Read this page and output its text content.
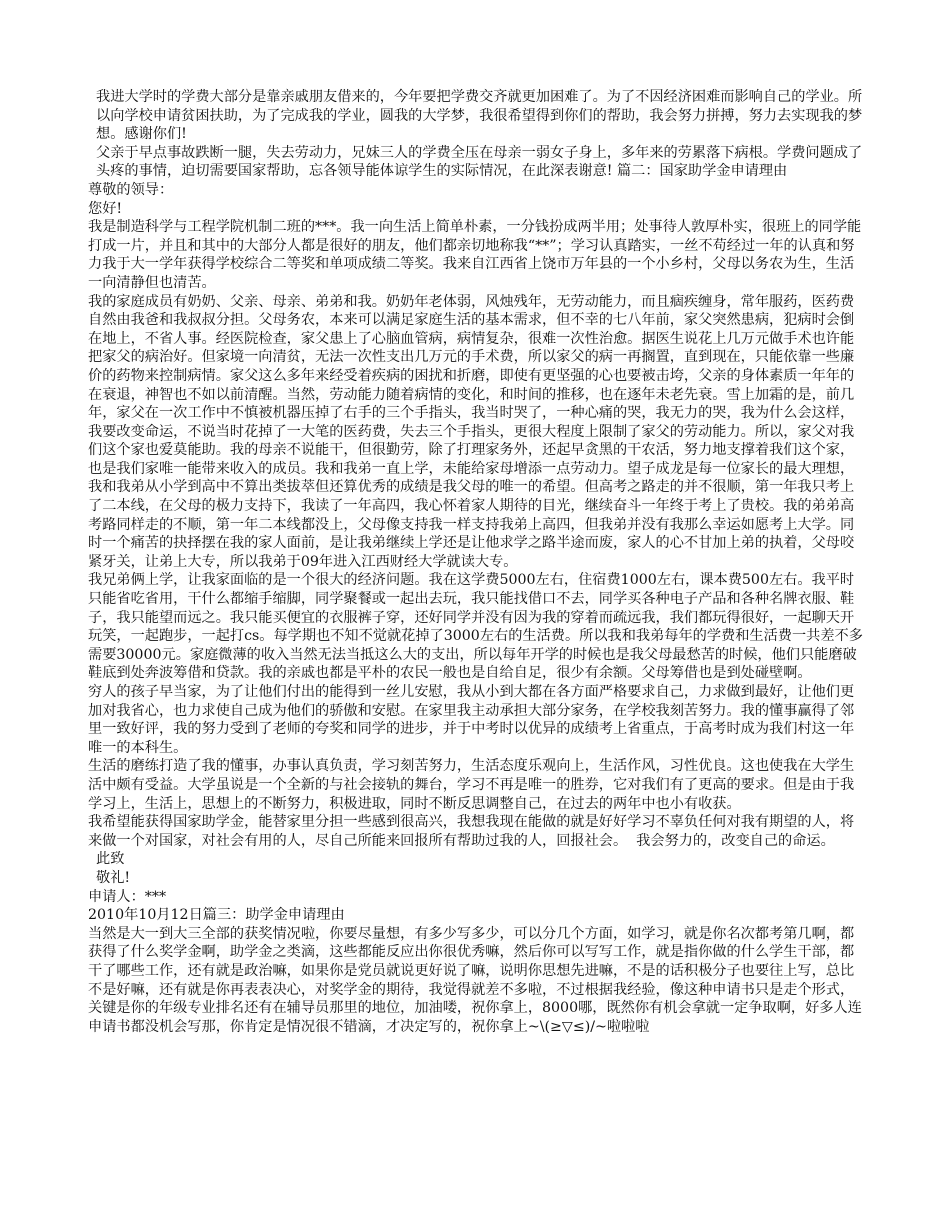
我进大学时的学费大部分是靠亲戚朋友借来的，今年要把学费交齐就更加困难了。为了不因经济困难而影响自己的学业。所以向学校申请贫困扶助，为了完成我的学业，圆我的大学梦，我很希望得到你们的帮助，我会努力拼搏，努力去实现我的梦想。感谢你们!

父亲于早点事故跌断一腿，失去劳动力，兄妹三人的学费全压在母亲一弱女子身上，多年来的劳累落下病根。学费问题成了头疼的事情，迫切需要国家帮助，忘各领导能体谅学生的实际情况，在此深表谢意! 篇二：国家助学金申请理由

尊敬的领导：

您好!

我是制造科学与工程学院机制二班的***。我一向生活上简单朴素，一分钱扮成两半用；处事待人敦厚朴实，很班上的同学能打成一片，并且和其中的大部分人都是很好的朋友，他们都亲切地称我“**”；学习认真踏实，一丝不苟经过一年的认真和努力我于大一学年获得学校综合二等奖和单项成绩二等奖。我来自江西省上饶市万年县的一个小乡村，父母以务农为生，生活一向清静但也清苦。

我的家庭成员有奶奶、父亲、母亲、弟弟和我。奶奶年老体弱，风烛残年，无劳动能力，而且痼疾缠身，常年服药，医药费自然由我爸和我叔叔分担。父母务农，本来可以满足家庭生活的基本需求，但不幸的七八年前，家父突然患病，犯病时会倒在地上，不省人事。经医院检查，家父患上了心脑血管病，病情复杂，很难一次性治愈。据医生说花上几万元做手术也许能把家父的病治好。但家境一向清贫，无法一次性支出几万元的手术费，所以家父的病一再搁置，直到现在，只能依靠一些廉价的药物来控制病情。家父这么多年来经受着疾病的困扰和折磨，即使有更坚强的心也要被击垮，父亲的身体素质一年年的在衰退，神智也不如以前清醒。当然，劳动能力随着病情的变化，和时间的推移，也在逐年未老先衰。雪上加霜的是，前几年，家父在一次工作中不慎被机器压掉了右手的三个手指头，我当时哭了，一种心痛的哭，我无力的哭，我为什么会这样，我要改变命运，不说当时花掉了一大笔的医药费，失去三个手指头，更很大程度上限制了家父的劳动能力。所以，家父对我们这个家也爱莫能助。我的母亲不说能干，但很勤劳，除了打理家务外，还起早贪黑的干农活，努力地支撑着我们这个家，也是我们家唯一能带来收入的成员。我和我弟一直上学，未能给家母增添一点劳动力。望子成龙是每一位家长的最大理想，我和我弟从小学到高中不算出类拔萃但还算优秀的成绩是我父母的唯一的希望。但高考之路走的并不很顺，第一年我只考上了二本线，在父母的极力支持下，我读了一年高四，我心怀着家人期待的目光，继续奋斗一年终于考上了贵校。我的弟弟高考路同样走的不顺，第一年二本线都没上，父母像支持我一样支持我弟上高四，但我弟并没有我那么幸运如愿考上大学。同时一个痛苦的抉择摆在我的家人面前，是让我弟继续上学还是让他求学之路半途而废，家人的心不甘加上弟的执着，父母咬紧牙关，让弟上大专，所以我弟于09年进入江西财经大学就读大专。

我兄弟俩上学，让我家面临的是一个很大的经济问题。我在这学费5000左右，住宿费1000左右，课本费500左右。我平时只能省吃省用，干什么都缩手缩脚，同学聚餐或一起出去玩，我只能找借口不去，同学买各种电子产品和各种名牌衣服、鞋子，我只能望而远之。我只能买便宜的衣服裤子穿，还好同学并没有因为我的穿着而疏远我，我们都玩得很好，一起聊天开玩笑，一起跑步，一起打cs。每学期也不知不觉就花掉了3000左右的生活费。所以我和我弟每年的学费和生活费一共差不多需要30000元。家庭微薄的收入当然无法当抵这么大的支出，所以每年开学的时候也是我父母最愁苦的时候，他们只能磨破鞋底到处奔波筹借和贷款。我的亲戚也都是平朴的农民一般也是自给自足，很少有余额。父母筹借也是到处碰壁啊。

穷人的孩子早当家，为了让他们付出的能得到一丝儿安慰，我从小到大都在各方面严格要求自己，力求做到最好，让他们更加对我省心，也力求使自己成为他们的骄傲和安慰。在家里我主动承担大部分家务，在学校我刻苦努力。我的懂事赢得了邻里一致好评，我的努力受到了老师的夸奖和同学的进步，并于中考时以优异的成绩考上省重点，于高考时成为我们村这一年唯一的本科生。

生活的磨练打造了我的懂事，办事认真负责，学习刻苦努力，生活态度乐观向上，生活作风，习性优良。这也使我在大学生活中颇有受益。大学虽说是一个全新的与社会接轨的舞台，学习不再是唯一的胜券，它对我们有了更高的要求。但是由于我学习上，生活上，思想上的不断努力，积极进取，同时不断反思调整自己，在过去的两年中也小有收获。

我希望能获得国家助学金，能替家里分担一些感到很高兴，我想我现在能做的就是好好学习不辜负任何对我有期望的人，将来做一个对国家，对社会有用的人，尽自己所能来回报所有帮助过我的人，回报社会。  我会努力的，改变自己的命运。

此致

敬礼!

申请人：***

2010年10月12日篇三：助学金申请理由

当然是大一到大三全部的获奖情况啦，你要尽量想，有多少写多少，可以分几个方面，如学习，就是你名次都考第几啊，都获得了什么奖学金啊，助学金之类滴，这些都能反应出你很优秀嘛，然后你可以写写工作，就是指你做的什么学生干部，都干了哪些工作，还有就是政治嘛，如果你是党员就说更好说了嘛，说明你思想先进嘛，不是的话积极分子也要往上写，总比不是好嘛，还有就是你再表表决心，对奖学金的期待，我觉得就差不多啦，不过根据我经验，像这种申请书只是走个形式，关键是你的年级专业排名还有在辅导员那里的地位，加油喽，祝你拿上，8000哪，既然你有机会拿就一定争取啊，好多人连申请书都没机会写那，你肯定是情况很不错滴，才决定写的，祝你拿上~\(≥▽≤)/~啦啦啦
